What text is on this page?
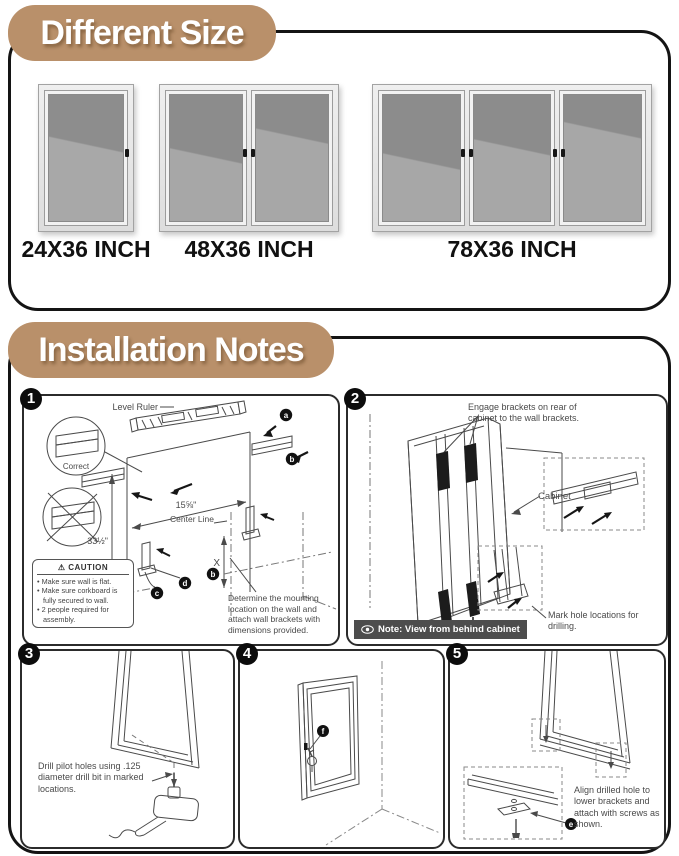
Different Size
24X36 INCH 48X36 INCH	78X36 INCH
Installation Notes
1	Level Ruler
Correct
15⅝"
33½"
X
a
b
c
d
b
Center Line
⚠ CAUTION
• Make sure wall is flat.
• Make sure corkboard is fully secured to wall.
• 2 people required for assembly.
Determine the mounting location on the wall and attach wall brackets with dimensions provided.
2
Cabinet
Engage brackets on rear of cabinet to the wall brackets.
Mark hole locations for drilling.
Note: View from behind cabinet
3
Drill pilot holes using .125 diameter drill bit in marked locations.
4
f
5
e
Align drilled hole to lower brackets and attach with screws as shown.
